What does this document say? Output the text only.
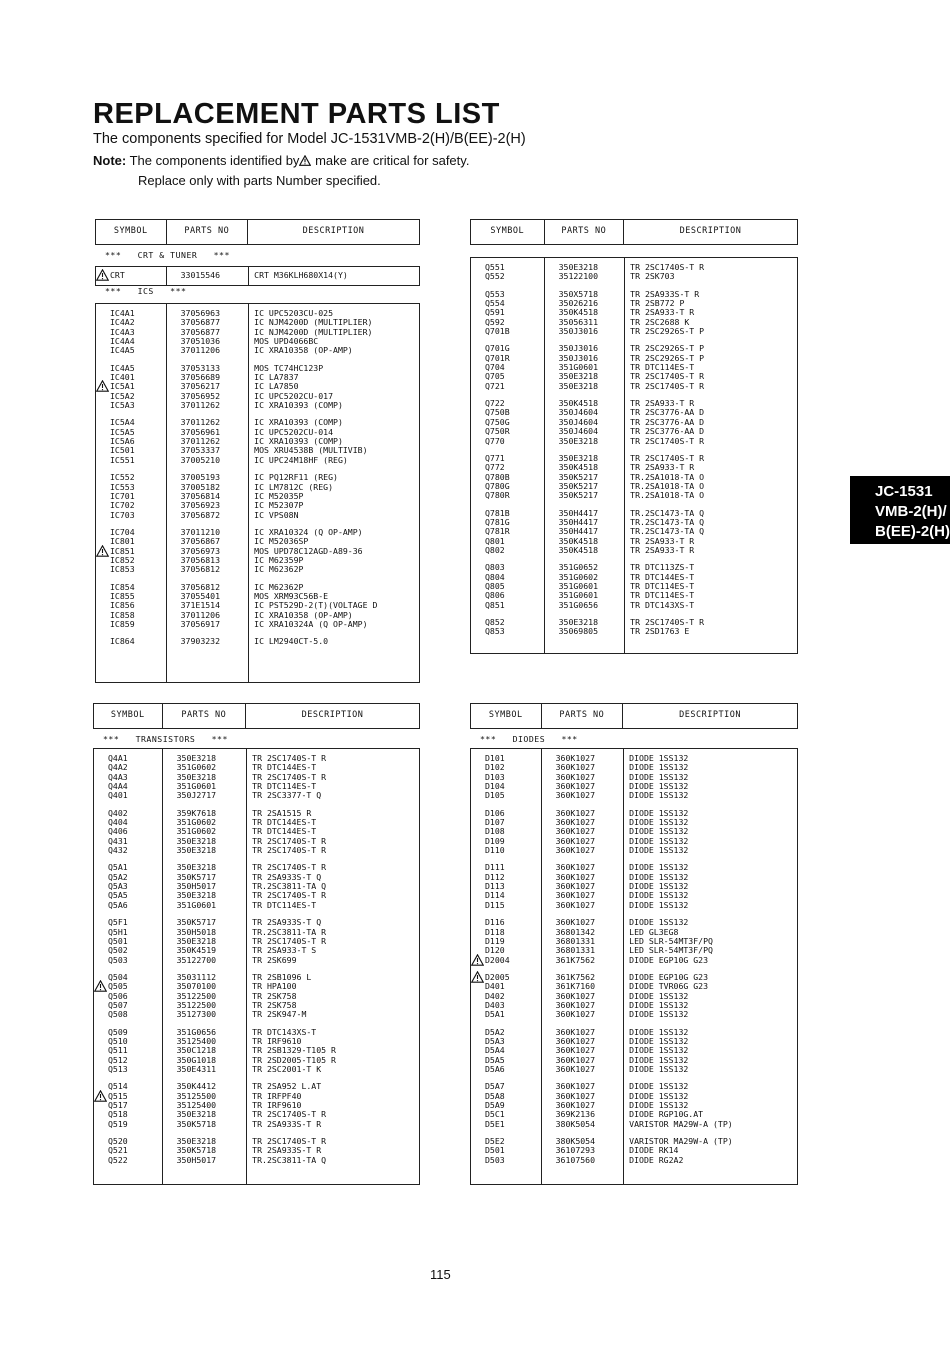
REPLACEMENT PARTS LIST
The components specified for Model JC-1531VMB-2(H)/B(EE)-2(H)
Note: The components identified by make are critical for safety.
Replace only with parts Number specified.
SYMBOL	PARTS NO	DESCRIPTION
***   CRT & TUNER   ***
CRT	33015546	CRT M36KLH680X14(Y)
***   ICS   ***
IC4A1	37056963	IC UPC5203CU-025
IC4A2	37056877	IC NJM4200D (MULTIPLIER)
IC4A3	37056877	IC NJM4200D (MULTIPLIER)
IC4A4	37051036	MOS UPD4066BC
IC4A5	37011206	IC XRA10358 (OP-AMP)
IC4A5	37053133	MOS TC74HC123P
IC401	37056689	IC LA7837
IC5A1	37056217	IC LA7850
IC5A2	37056952	IC UPC5202CU-017
IC5A3	37011262	IC XRA10393 (COMP)
IC5A4	37011262	IC XRA10393 (COMP)
IC5A5	37056961	IC UPC5202CU-014
IC5A6	37011262	IC XRA10393 (COMP)
IC501	37053337	MOS XRU4538B (MULTIVIB)
IC551	37005210	IC UPC24M18HF (REG)
IC552	37005193	IC PQ12RF11 (REG)
IC553	37005182	IC LM7812C (REG)
IC701	37056814	IC M52035P
IC702	37056923	IC M52307P
IC703	37056872	IC VPS08N
IC704	37011210	IC XRA10324 (Q OP-AMP)
IC801	37056867	IC M52036SP
IC851	37056973	MOS UPD78C12AGD-A89-36
IC852	37056813	IC M62359P
IC853	37056812	IC M62362P
IC854	37056812	IC M62362P
IC855	37055401	MOS XRM93C56B-E
IC856	371E1514	IC PST529D-2(T)(VOLTAGE D
IC858	37011206	IC XRA10358 (OP-AMP)
IC859	37056917	IC XRA10324A (Q OP-AMP)
IC864	37903232	IC LM2940CT-5.0
SYMBOL	PARTS NO	DESCRIPTION
Q551	350E3218	TR 2SC1740S-T R
Q552	35122100	TR 2SK703
Q553	350X5718	TR 2SA933S-T R
Q554	35026216	TR 2SB772 P
Q591	350K4518	TR 2SA933-T R
Q592	35056311	TR 2SC2688 K
Q701B	350J3016	TR 2SC2926S-T P
Q701G	350J3016	TR 2SC2926S-T P
Q701R	350J3016	TR 2SC2926S-T P
Q704	351G0601	TR DTC114ES-T
Q705	350E3218	TR 2SC1740S-T R
Q721	350E3218	TR 2SC1740S-T R
Q722	350K4518	TR 2SA933-T R
Q750B	350J4604	TR 2SC3776-AA D
Q750G	350J4604	TR 2SC3776-AA D
Q750R	350J4604	TR 2SC3776-AA D
Q770	350E3218	TR 2SC1740S-T R
Q771	350E3218	TR 2SC1740S-T R
Q772	350K4518	TR 2SA933-T R
Q780B	350K5217	TR.2SA1018-TA O
Q780G	350K5217	TR.2SA1018-TA O
Q780R	350K5217	TR.2SA1018-TA O
Q781B	350H4417	TR.2SC1473-TA Q
Q781G	350H4417	TR.2SC1473-TA Q
Q781R	350H4417	TR.2SC1473-TA Q
Q801	350K4518	TR 2SA933-T R
Q802	350K4518	TR 2SA933-T R
Q803	351G0652	TR DTC113ZS-T
Q804	351G0602	TR DTC144ES-T
Q805	351G0601	TR DTC114ES-T
Q806	351G0601	TR DTC114ES-T
Q851	351G0656	TR DTC143XS-T
Q852	350E3218	TR 2SC1740S-T R
Q853	35069805	TR 2SD1763 E
SYMBOL	PARTS NO	DESCRIPTION
***   TRANSISTORS   ***
Q4A1	350E3218	TR 2SC1740S-T R
Q4A2	351G0602	TR DTC144ES-T
Q4A3	350E3218	TR 2SC1740S-T R
Q4A4	351G0601	TR DTC114ES-T
Q401	350J2717	TR 2SC3377-T Q
Q402	359K7618	TR 2SA1515 R
Q404	351G0602	TR DTC144ES-T
Q406	351G0602	TR DTC144ES-T
Q431	350E3218	TR 2SC1740S-T R
Q432	350E3218	TR 2SC1740S-T R
Q5A1	350E3218	TR 2SC1740S-T R
Q5A2	350K5717	TR 2SA933S-T Q
Q5A3	350H5017	TR.2SC3811-TA Q
Q5A5	350E3218	TR 2SC1740S-T R
Q5A6	351G0601	TR DTC114ES-T
Q5F1	350K5717	TR 2SA933S-T Q
Q5H1	350H5018	TR.2SC3811-TA R
Q501	350E3218	TR 2SC1740S-T R
Q502	350K4519	TR 2SA933-T S
Q503	35122700	TR 2SK699
Q504	35031112	TR 2SB1096 L
Q505	35070100	TR HPA100
Q506	35122500	TR 2SK758
Q507	35122500	TR 2SK758
Q508	35127300	TR 2SK947-M
Q509	351G0656	TR DTC143XS-T
Q510	35125400	TR IRF9610
Q511	350C1218	TR 2SB1329-T105 R
Q512	350G1018	TR 2SD2005-T105 R
Q513	350E4311	TR 2SC2001-T K
Q514	350K4412	TR 2SA952 L.AT
Q515	35125500	TR IRFPF40
Q517	35125400	TR IRF9610
Q518	350E3218	TR 2SC1740S-T R
Q519	350K5718	TR 2SA933S-T R
Q520	350E3218	TR 2SC1740S-T R
Q521	350K5718	TR 2SA933S-T R
Q522	350H5017	TR.2SC3811-TA Q
SYMBOL	PARTS NO	DESCRIPTION
***   DIODES   ***
D101	360K1027	DIODE 1SS132
D102	360K1027	DIODE 1SS132
D103	360K1027	DIODE 1SS132
D104	360K1027	DIODE 1SS132
D105	360K1027	DIODE 1SS132
D106	360K1027	DIODE 1SS132
D107	360K1027	DIODE 1SS132
D108	360K1027	DIODE 1SS132
D109	360K1027	DIODE 1SS132
D110	360K1027	DIODE 1SS132
D111	360K1027	DIODE 1SS132
D112	360K1027	DIODE 1SS132
D113	360K1027	DIODE 1SS132
D114	360K1027	DIODE 1SS132
D115	360K1027	DIODE 1SS132
D116	360K1027	DIODE 1SS132
D118	36801342	LED GL3EG8
D119	36801331	LED SLR-54MT3F/PQ
D120	36801331	LED SLR-54MT3F/PQ
D2004	361K7562	DIODE EGP10G G23
D2005	361K7562	DIODE EGP10G G23
D401	361K7160	DIODE TVR06G G23
D402	360K1027	DIODE 1SS132
D403	360K1027	DIODE 1SS132
D5A1	360K1027	DIODE 1SS132
D5A2	360K1027	DIODE 1SS132
D5A3	360K1027	DIODE 1SS132
D5A4	360K1027	DIODE 1SS132
D5A5	360K1027	DIODE 1SS132
D5A6	360K1027	DIODE 1SS132
D5A7	360K1027	DIODE 1SS132
D5A8	360K1027	DIODE 1SS132
D5A9	360K1027	DIODE 1SS132
D5C1	369K2136	DIODE RGP10G.AT
D5E1	380K5054	VARISTOR MA29W-A (TP)
D5E2	380K5054	VARISTOR MA29W-A (TP)
D501	36107293	DIODE RK14
D503	36107560	DIODE RG2A2
JC-1531
VMB-2(H)/
B(EE)-2(H)
115
